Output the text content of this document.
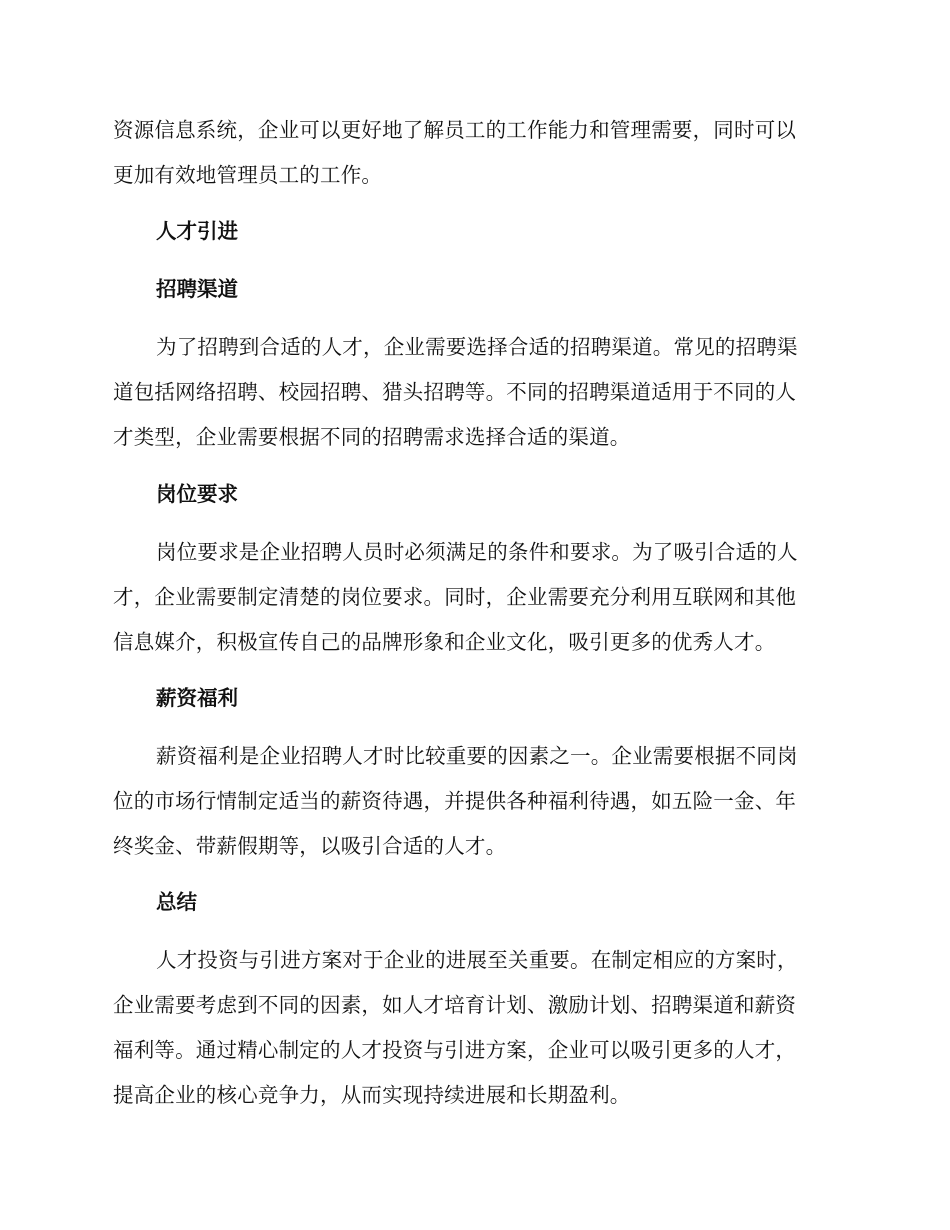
资源信息系统，企业可以更好地了解员工的工作能力和管理需要，同时可以
更加有效地管理员工的工作。
人才引进
招聘渠道
为了招聘到合适的人才，企业需要选择合适的招聘渠道。常见的招聘渠
道包括网络招聘、校园招聘、猎头招聘等。不同的招聘渠道适用于不同的人
才类型，企业需要根据不同的招聘需求选择合适的渠道。
岗位要求
岗位要求是企业招聘人员时必须满足的条件和要求。为了吸引合适的人
才，企业需要制定清楚的岗位要求。同时，企业需要充分利用互联网和其他
信息媒介，积极宣传自己的品牌形象和企业文化，吸引更多的优秀人才。
薪资福利
薪资福利是企业招聘人才时比较重要的因素之一。企业需要根据不同岗
位的市场行情制定适当的薪资待遇，并提供各种福利待遇，如五险一金、年
终奖金、带薪假期等，以吸引合适的人才。
总结
人才投资与引进方案对于企业的进展至关重要。在制定相应的方案时，
企业需要考虑到不同的因素，如人才培育计划、激励计划、招聘渠道和薪资
福利等。通过精心制定的人才投资与引进方案，企业可以吸引更多的人才，
提高企业的核心竞争力，从而实现持续进展和长期盈利。
